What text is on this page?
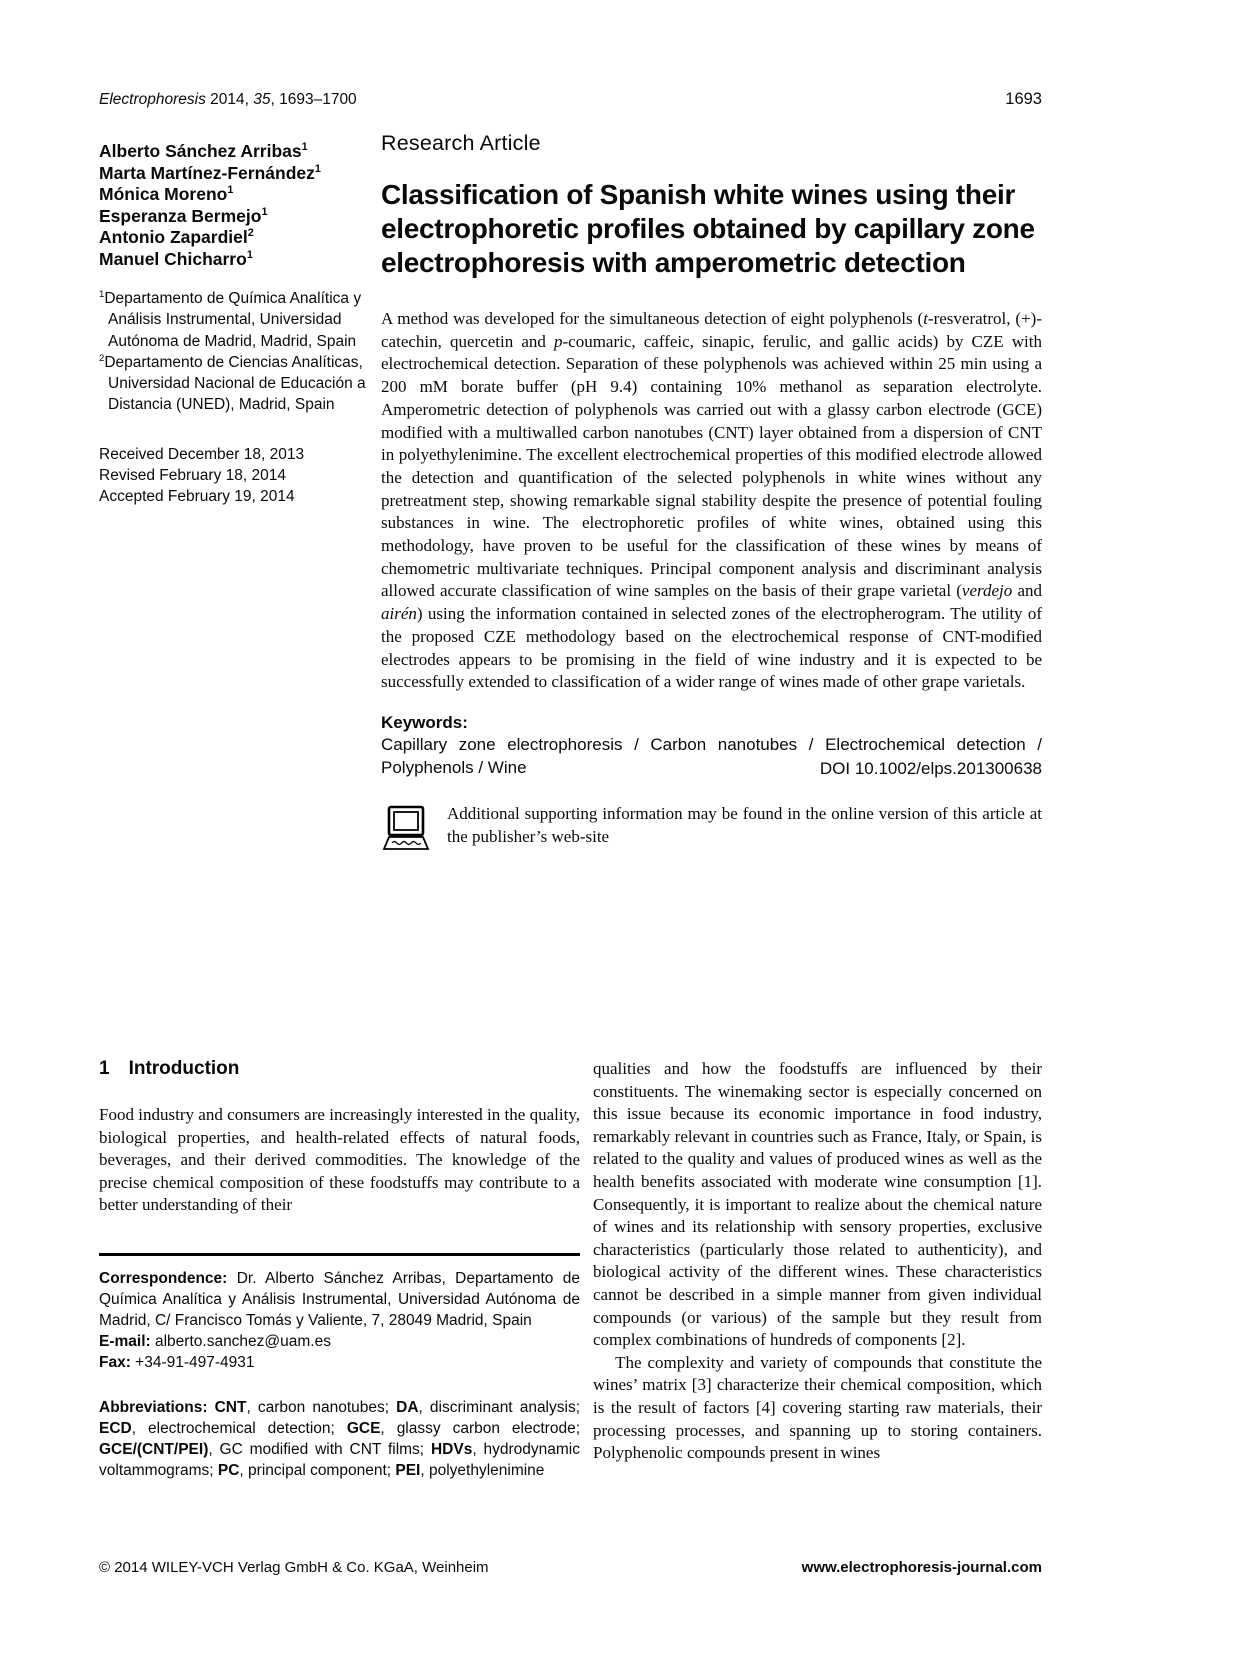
Electrophoresis 2014, 35, 1693–1700	1693
Alberto Sánchez Arribas$^1$
Marta Martínez-Fernández$^1$
Mónica Moreno$^1$
Esperanza Bermejo$^1$
Antonio Zapardiel$^2$
Manuel Chicharro$^1$
$^1$Departamento de Química Analítica y Análisis Instrumental, Universidad Autónoma de Madrid, Madrid, Spain
$^2$Departamento de Ciencias Analíticas, Universidad Nacional de Educación a Distancia (UNED), Madrid, Spain
Received December 18, 2013
Revised February 18, 2014
Accepted February 19, 2014
Research Article
Classification of Spanish white wines using their electrophoretic profiles obtained by capillary zone electrophoresis with amperometric detection
A method was developed for the simultaneous detection of eight polyphenols (t-resveratrol, (+)-catechin, quercetin and p-coumaric, caffeic, sinapic, ferulic, and gallic acids) by CZE with electrochemical detection. Separation of these polyphenols was achieved within 25 min using a 200 mM borate buffer (pH 9.4) containing 10% methanol as separation electrolyte. Amperometric detection of polyphenols was carried out with a glassy carbon electrode (GCE) modified with a multiwalled carbon nanotubes (CNT) layer obtained from a dispersion of CNT in polyethylenimine. The excellent electrochemical properties of this modified electrode allowed the detection and quantification of the selected polyphenols in white wines without any pretreatment step, showing remarkable signal stability despite the presence of potential fouling substances in wine. The electrophoretic profiles of white wines, obtained using this methodology, have proven to be useful for the classification of these wines by means of chemometric multivariate techniques. Principal component analysis and discriminant analysis allowed accurate classification of wine samples on the basis of their grape varietal (verdejo and airén) using the information contained in selected zones of the electropherogram. The utility of the proposed CZE methodology based on the electrochemical response of CNT-modified electrodes appears to be promising in the field of wine industry and it is expected to be successfully extended to classification of a wider range of wines made of other grape varietals.
Keywords:
Capillary zone electrophoresis / Carbon nanotubes / Electrochemical detection / Polyphenols / Wine	DOI 10.1002/elps.201300638
Additional supporting information may be found in the online version of this article at the publisher’s web-site
1 Introduction

Food industry and consumers are increasingly interested in the quality, biological properties, and health-related effects of natural foods, beverages, and their derived commodities. The knowledge of the precise chemical composition of these foodstuffs may contribute to a better understanding of their

Correspondence: Dr. Alberto Sánchez Arribas, Departamento de Química Analítica y Análisis Instrumental, Universidad Autónoma de Madrid, C/ Francisco Tomás y Valiente, 7, 28049 Madrid, Spain
E-mail: alberto.sanchez@uam.es
Fax: +34-91-497-4931
Abbreviations: CNT, carbon nanotubes; DA, discriminant analysis; ECD, electrochemical detection; GCE, glassy carbon electrode; GCE/(CNT/PEI), GC modified with CNT films; HDVs, hydrodynamic voltammograms; PC, principal component; PEI, polyethylenimine

qualities and how the foodstuffs are influenced by their constituents. The winemaking sector is especially concerned on this issue because its economic importance in food industry, remarkably relevant in countries such as France, Italy, or Spain, is related to the quality and values of produced wines as well as the health benefits associated with moderate wine consumption [1]. Consequently, it is important to realize about the chemical nature of wines and its relationship with sensory properties, exclusive characteristics (particularly those related to authenticity), and biological activity of the different wines. These characteristics cannot be described in a simple manner from given individual compounds (or various) of the sample but they result from complex combinations of hundreds of components [2].

The complexity and variety of compounds that constitute the wines’ matrix [3] characterize their chemical composition, which is the result of factors [4] covering starting raw materials, their processing processes, and spanning up to storing containers. Polyphenolic compounds present in wines

© 2014 WILEY-VCH Verlag GmbH & Co. KGaA, Weinheim	www.electrophoresis-journal.com
